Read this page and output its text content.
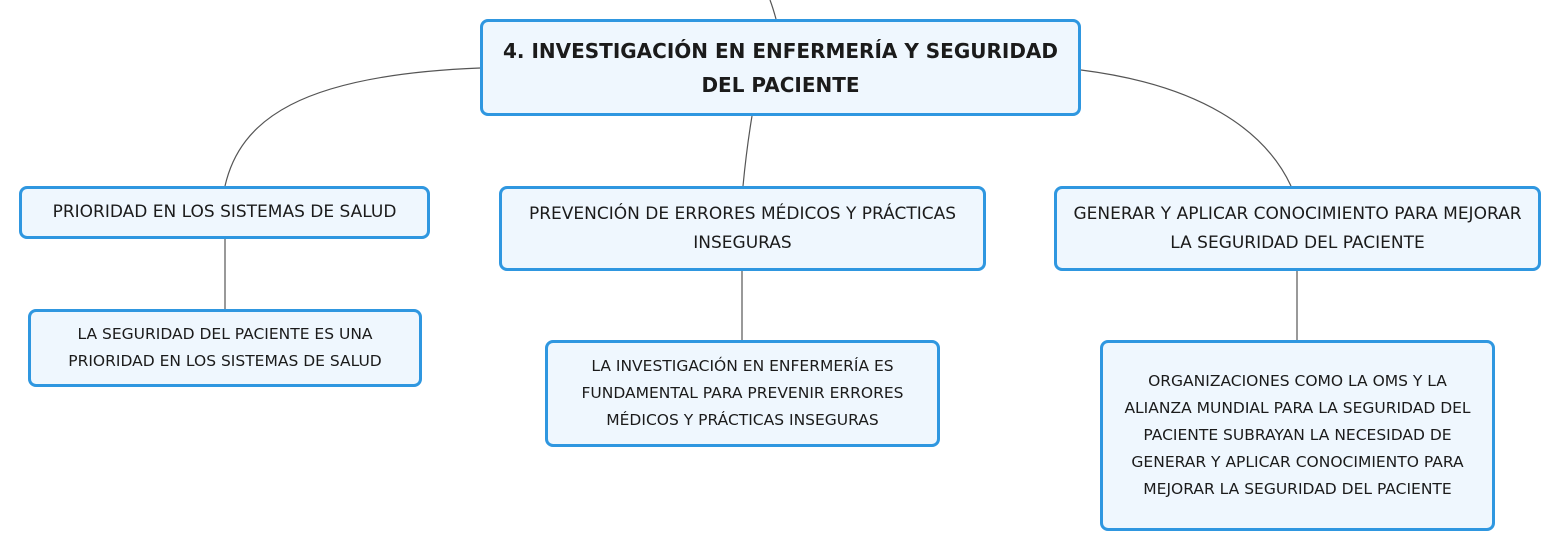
4. INVESTIGACIÓN EN ENFERMERÍA Y SEGURIDAD DEL PACIENTE
PRIORIDAD EN LOS SISTEMAS DE SALUD	PREVENCIÓN DE ERRORES MÉDICOS Y PRÁCTICAS INSEGURAS
GENERAR Y APLICAR CONOCIMIENTO PARA MEJORAR LA SEGURIDAD DEL PACIENTE
LA SEGURIDAD DEL PACIENTE ES UNA PRIORIDAD EN LOS SISTEMAS DE SALUD	LA INVESTIGACIÓN EN ENFERMERÍA ES FUNDAMENTAL PARA PREVENIR ERRORES MÉDICOS Y PRÁCTICAS INSEGURAS
ORGANIZACIONES COMO LA OMS Y LA ALIANZA MUNDIAL PARA LA SEGURIDAD DEL PACIENTE SUBRAYAN LA NECESIDAD DE GENERAR Y APLICAR CONOCIMIENTO PARA MEJORAR LA SEGURIDAD DEL PACIENTE
